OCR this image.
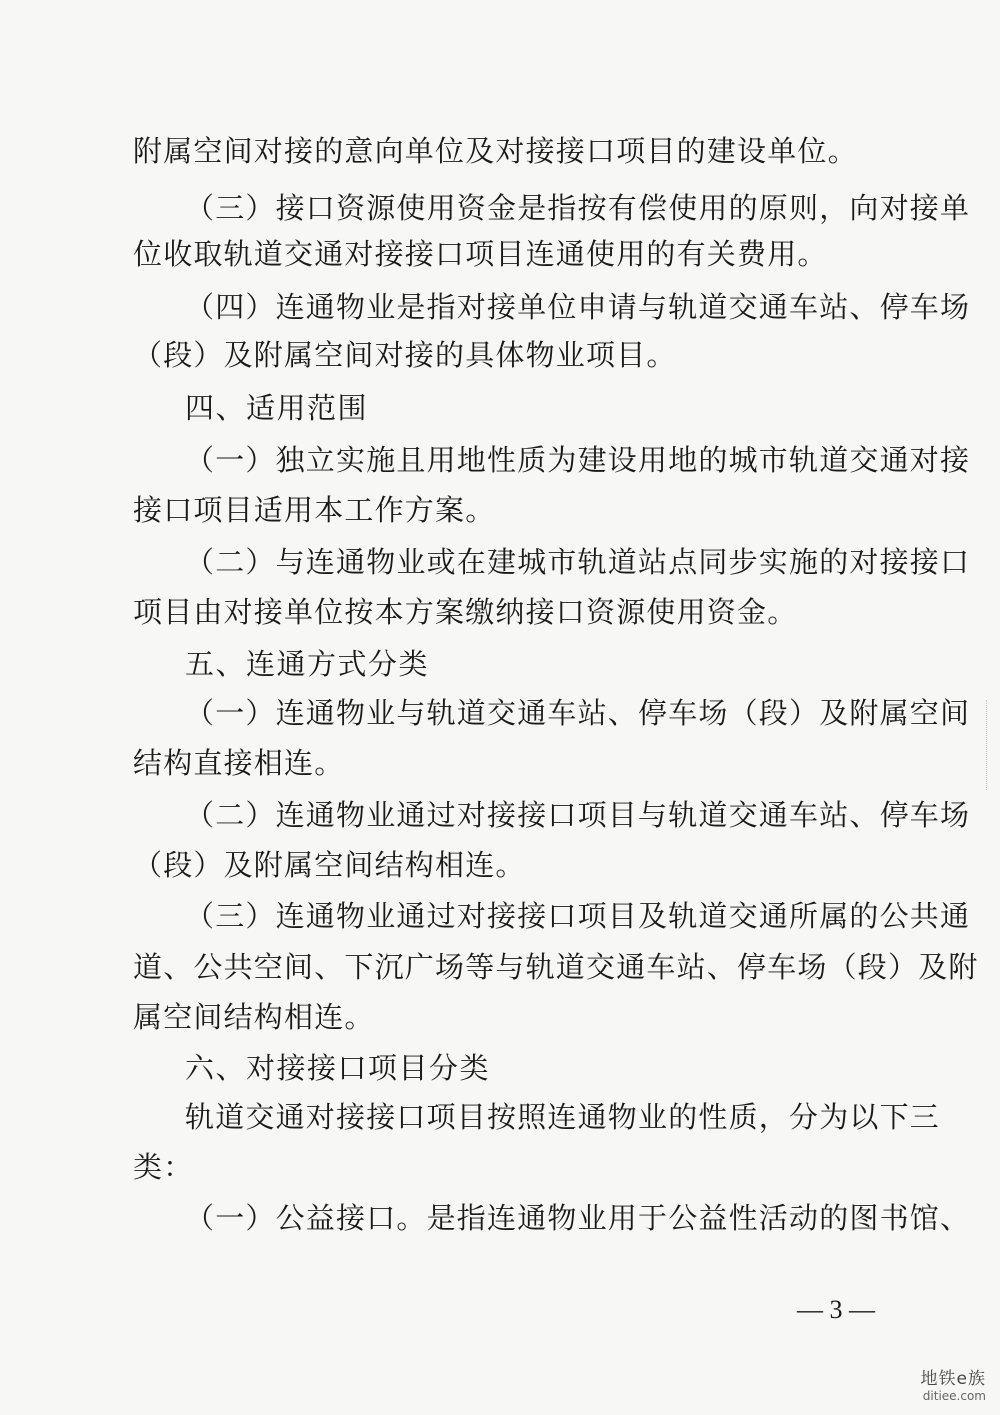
附属空间对接的意向单位及对接接口项目的建设单位。
（三）接口资源使用资金是指按有偿使用的原则，向对接单
位收取轨道交通对接接口项目连通使用的有关费用。
（四）连通物业是指对接单位申请与轨道交通车站、停车场
（段）及附属空间对接的具体物业项目。
四、适用范围
（一）独立实施且用地性质为建设用地的城市轨道交通对接
接口项目适用本工作方案。
（二）与连通物业或在建城市轨道站点同步实施的对接接口
项目由对接单位按本方案缴纳接口资源使用资金。
五、连通方式分类
（一）连通物业与轨道交通车站、停车场（段）及附属空间
结构直接相连。
（二）连通物业通过对接接口项目与轨道交通车站、停车场
（段）及附属空间结构相连。
（三）连通物业通过对接接口项目及轨道交通所属的公共通
道、公共空间、下沉广场等与轨道交通车站、停车场（段）及附
属空间结构相连。
六、对接接口项目分类
轨道交通对接接口项目按照连通物业的性质，分为以下三
类：
（一）公益接口。是指连通物业用于公益性活动的图书馆、
— 3 —
地铁e族
ditiee.com
